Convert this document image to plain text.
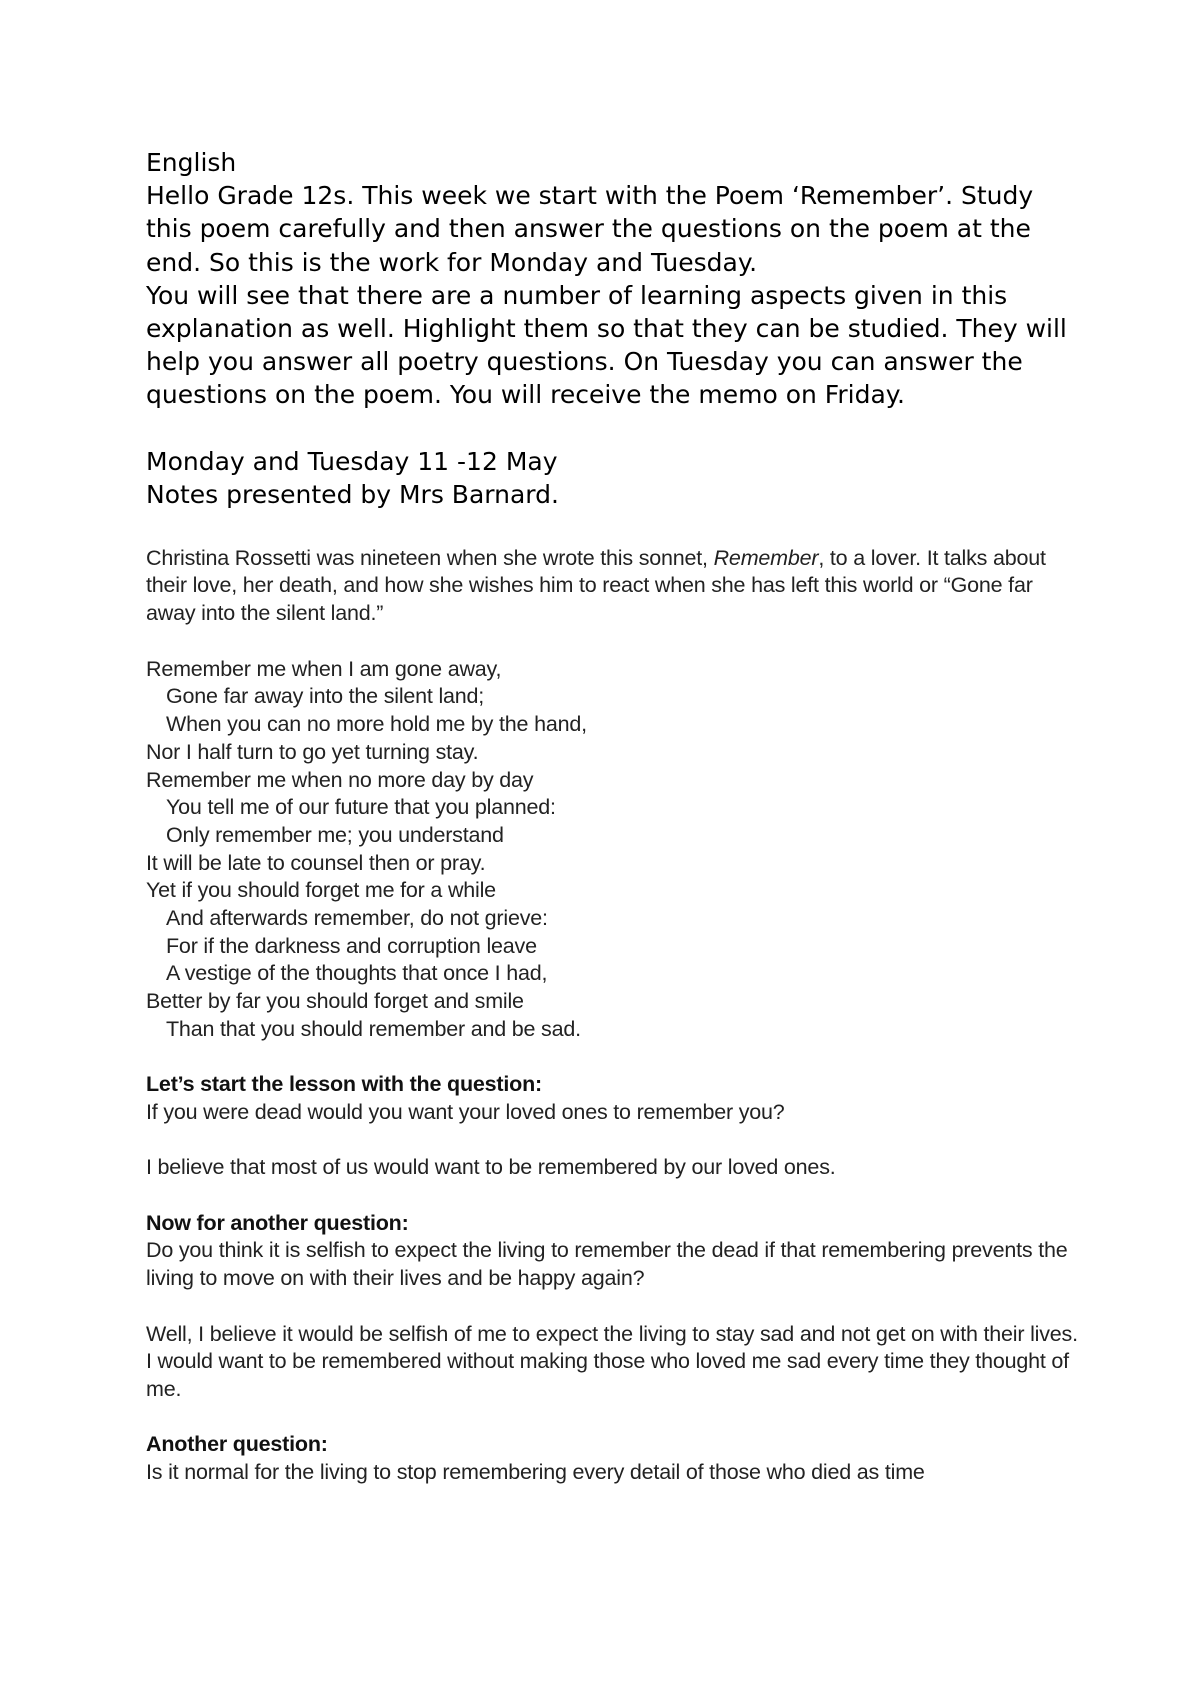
English

Hello Grade 12s. This week we start with the Poem ‘Remember’. Study this poem carefully and then answer the questions on the poem at the end. So this is the work for Monday and Tuesday.

You will see that there are a number of learning aspects given in this explanation as well. Highlight them so that they can be studied. They will help you answer all poetry questions. On Tuesday you can answer the questions on the poem. You will receive the memo on Friday.

Monday and Tuesday 11 -12 May

Notes presented by Mrs Barnard.

Christina Rossetti was nineteen when she wrote this sonnet, Remember, to a lover. It talks about their love, her death, and how she wishes him to react when she has left this world or “Gone far away into the silent land.”

Remember me when I am gone away,
Gone far away into the silent land;
When you can no more hold me by the hand,
Nor I half turn to go yet turning stay.
Remember me when no more day by day
You tell me of our future that you planned:
Only remember me; you understand
It will be late to counsel then or pray.
Yet if you should forget me for a while
And afterwards remember, do not grieve:
For if the darkness and corruption leave
A vestige of the thoughts that once I had,
Better by far you should forget and smile
Than that you should remember and be sad.

Let’s start the lesson with the question:

If you were dead would you want your loved ones to remember you?

I believe that most of us would want to be remembered by our loved ones.

Now for another question:

Do you think it is selfish to expect the living to remember the dead if that remembering prevents the living to move on with their lives and be happy again?

Well, I believe it would be selfish of me to expect the living to stay sad and not get on with their lives. I would want to be remembered without making those who loved me sad every time they thought of me.

Another question:

Is it normal for the living to stop remembering every detail of those who died as time
